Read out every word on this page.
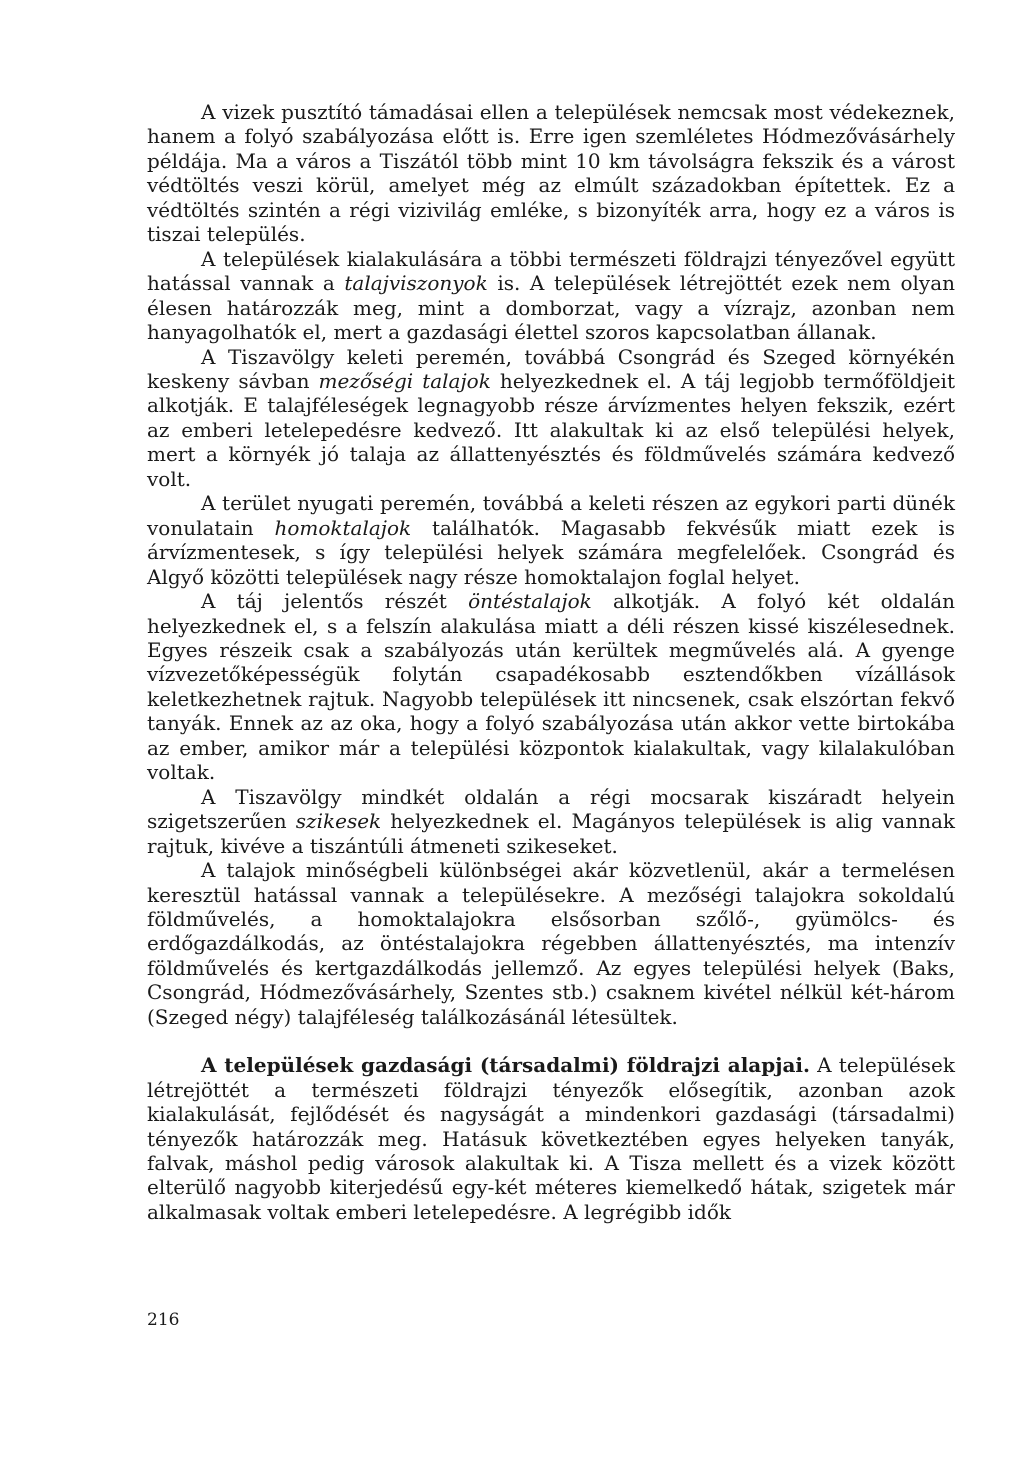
A vizek pusztító támadásai ellen a települések nemcsak most védekeznek, hanem a folyó szabályozása előtt is. Erre igen szemléletes Hódmezővásárhely példája. Ma a város a Tiszától több mint 10 km távolságra fekszik és a várost védtöltés veszi körül, amelyet még az elmúlt századokban építettek. Ez a védtöltés szintén a régi vizivilág emléke, s bizonyíték arra, hogy ez a város is tiszai település.

A települések kialakulására a többi természeti földrajzi tényezővel együtt hatással vannak a talajviszonyok is. A települések létrejöttét ezek nem olyan élesen határozzák meg, mint a domborzat, vagy a vízrajz, azonban nem hanyagolhatók el, mert a gazdasági élettel szoros kapcsolatban állanak.

A Tiszavölgy keleti peremén, továbbá Csongrád és Szeged környékén keskeny sávban mezőségi talajok helyezkednek el. A táj legjobb termőföldjeit alkotják. E talajféleségek legnagyobb része árvízmentes helyen fekszik, ezért az emberi letelepedésre kedvező. Itt alakultak ki az első települési helyek, mert a környék jó talaja az állattenyésztés és földművelés számára kedvező volt.

A terület nyugati peremén, továbbá a keleti részen az egykori parti dünék vonulatain homoktalajok találhatók. Magasabb fekvésűk miatt ezek is árvízmentesek, s így települési helyek számára megfelelőek. Csongrád és Algyő közötti települések nagy része homoktalajon foglal helyet.

A táj jelentős részét öntéstalajok alkotják. A folyó két oldalán helyezkednek el, s a felszín alakulása miatt a déli részen kissé kiszélesednek. Egyes részeik csak a szabályozás után kerültek megművelés alá. A gyenge vízvezetőképességük folytán csapadékosabb esztendőkben vízállások keletkezhetnek rajtuk. Nagyobb települések itt nincsenek, csak elszórtan fekvő tanyák. Ennek az az oka, hogy a folyó szabályozása után akkor vette birtokába az ember, amikor már a települési központok kialakultak, vagy kilalakulóban voltak.

A Tiszavölgy mindkét oldalán a régi mocsarak kiszáradt helyein szigetszerűen szikesek helyezkednek el. Magányos települések is alig vannak rajtuk, kivéve a tiszántúli átmeneti szikeseket.

A talajok minőségbeli különbségei akár közvetlenül, akár a termelésen keresztül hatással vannak a településekre. A mezőségi talajokra sokoldalú földművelés, a homoktalajokra elsősorban szőlő-, gyümölcs- és erdőgazdálkodás, az öntéstalajokra régebben állattenyésztés, ma intenzív földművelés és kertgazdálkodás jellemző. Az egyes települési helyek (Baks, Csongrád, Hódmezővásárhely, Szentes stb.) csaknem kivétel nélkül két-három (Szeged négy) talajféleség találkozásánál létesültek.

A települések gazdasági (társadalmi) földrajzi alapjai. A települések létrejöttét a természeti földrajzi tényezők elősegítik, azonban azok kialakulását, fejlődését és nagyságát a mindenkori gazdasági (társadalmi) tényezők határozzák meg. Hatásuk következtében egyes helyeken tanyák, falvak, máshol pedig városok alakultak ki. A Tisza mellett és a vizek között elterülő nagyobb kiterjedésű egy-két méteres kiemelkedő hátak, szigetek már alkalmasak voltak emberi letelepedésre. A legrégibb idők

216
